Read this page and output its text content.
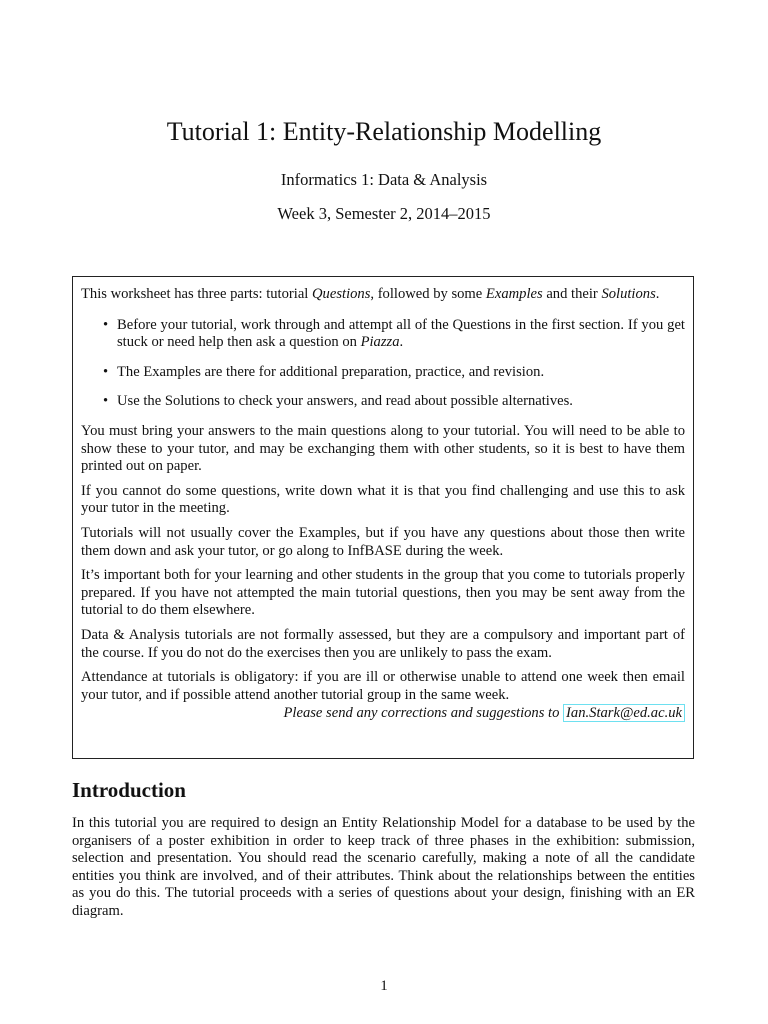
Tutorial 1: Entity-Relationship Modelling
Informatics 1: Data & Analysis
Week 3, Semester 2, 2014–2015

This worksheet has three parts: tutorial Questions, followed by some Examples and their Solutions.

• Before your tutorial, work through and attempt all of the Questions in the first section. If you get stuck or need help then ask a question on Piazza.
• The Examples are there for additional preparation, practice, and revision.
• Use the Solutions to check your answers, and read about possible alternatives.

You must bring your answers to the main questions along to your tutorial. You will need to be able to show these to your tutor, and may be exchanging them with other students, so it is best to have them printed out on paper.

If you cannot do some questions, write down what it is that you find challenging and use this to ask your tutor in the meeting.

Tutorials will not usually cover the Examples, but if you have any questions about those then write them down and ask your tutor, or go along to InfBASE during the week.

It’s important both for your learning and other students in the group that you come to tutorials properly prepared. If you have not attempted the main tutorial questions, then you may be sent away from the tutorial to do them elsewhere.

Data & Analysis tutorials are not formally assessed, but they are a compulsory and important part of the course. If you do not do the exercises then you are unlikely to pass the exam.

Attendance at tutorials is obligatory: if you are ill or otherwise unable to attend one week then email your tutor, and if possible attend another tutorial group in the same week.

Please send any corrections and suggestions to Ian.Stark@ed.ac.uk

Introduction

In this tutorial you are required to design an Entity Relationship Model for a database to be used by the organisers of a poster exhibition in order to keep track of three phases in the exhibition: submission, selection and presentation. You should read the scenario carefully, making a note of all the candidate entities you think are involved, and of their attributes. Think about the relationships between the entities as you do this. The tutorial proceeds with a series of questions about your design, finishing with an ER diagram.

1
